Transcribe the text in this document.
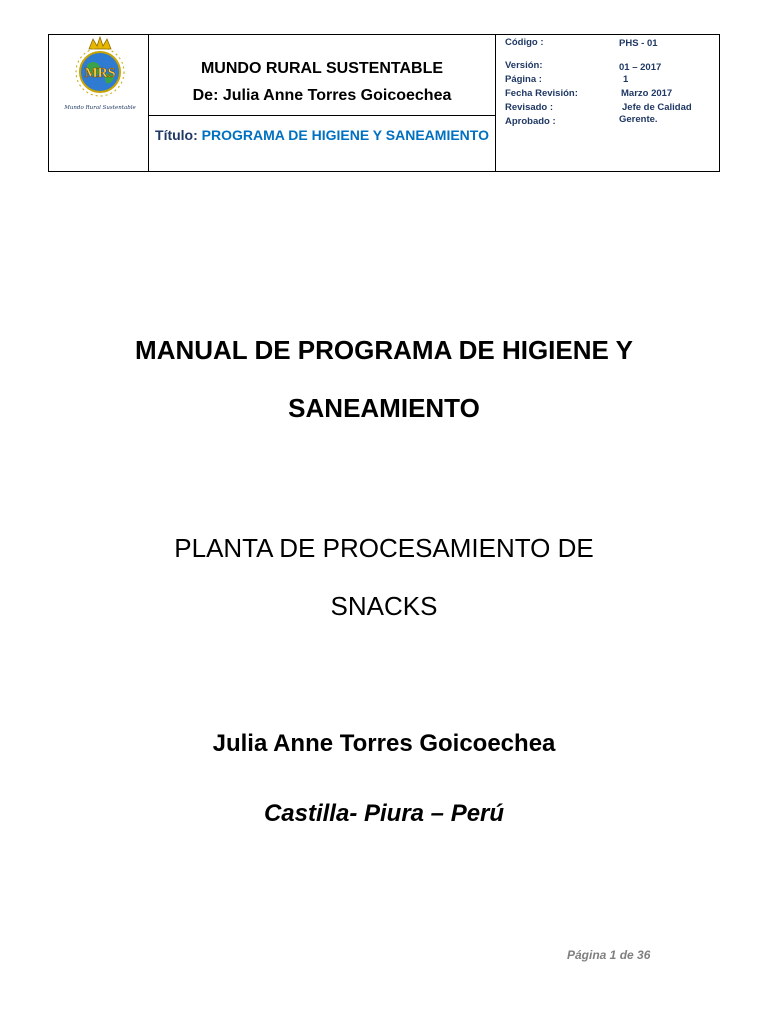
MRS
Mundo Rural Sustentable
MUNDO RURAL SUSTENTABLE
De: Julia Anne Torres Goicoechea
Título: PROGRAMA DE HIGIENE Y SANEAMIENTO
Código :	PHS - 01
Versión:	01 – 2017
Página :	1
Fecha Revisión:	Marzo 2017
Revisado :	Jefe de Calidad
Aprobado :	Gerente.
MANUAL DE PROGRAMA DE HIGIENE Y
SANEAMIENTO
PLANTA DE PROCESAMIENTO DE
SNACKS
Julia Anne Torres Goicoechea
Castilla- Piura – Perú
Página 1 de 36
